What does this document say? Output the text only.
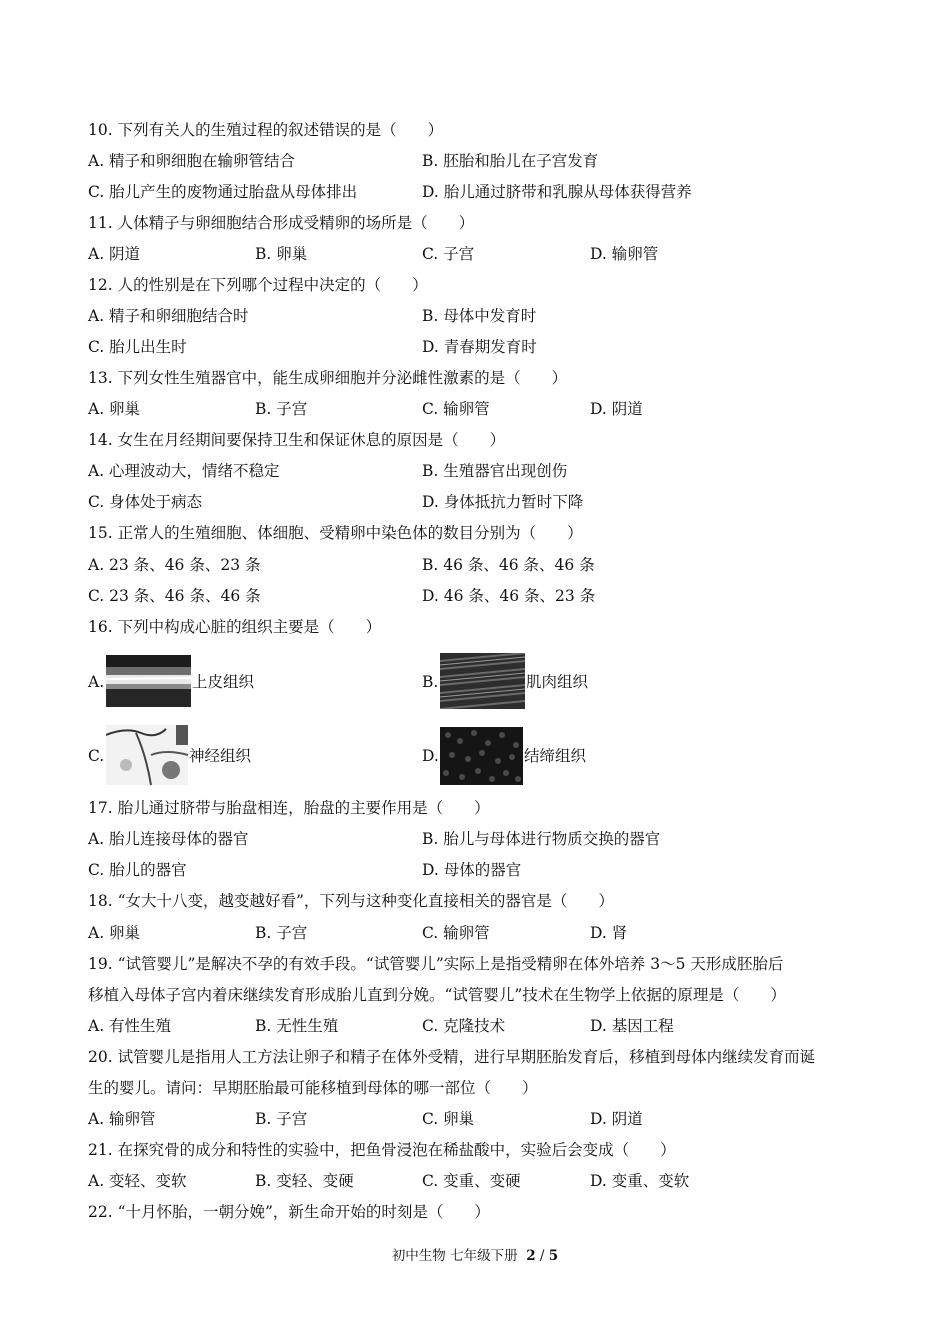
10. 下列有关人的生殖过程的叙述错误的是（　　）
A. 精子和卵细胞在输卵管结合	B. 胚胎和胎儿在子宫发育
C. 胎儿产生的废物通过胎盘从母体排出	D. 胎儿通过脐带和乳腺从母体获得营养
11. 人体精子与卵细胞结合形成受精卵的场所是（　　）
A. 阴道	B. 卵巢	C. 子宫	D. 输卵管
12. 人的性别是在下列哪个过程中决定的（　　）
A. 精子和卵细胞结合时	B. 母体中发育时
C. 胎儿出生时	D. 青春期发育时
13. 下列女性生殖器官中，能生成卵细胞并分泌雌性激素的是（　　）
A. 卵巢	B. 子宫	C. 输卵管	D. 阴道
14. 女生在月经期间要保持卫生和保证休息的原因是（　　）
A. 心理波动大，情绪不稳定	B. 生殖器官出现创伤
C. 身体处于病态	D. 身体抵抗力暂时下降
15. 正常人的生殖细胞、体细胞、受精卵中染色体的数目分别为（　　）
A. 23 条、46 条、23 条	B. 46 条、46 条、46 条
C. 23 条、46 条、46 条	D. 46 条、46 条、23 条
16. 下列中构成心脏的组织主要是（　　）
A.	上皮组织	B.	肌肉组织
C.	神经组织	D.	结缔组织
17. 胎儿通过脐带与胎盘相连，胎盘的主要作用是（　　）
A. 胎儿连接母体的器官	B. 胎儿与母体进行物质交换的器官
C. 胎儿的器官	D. 母体的器官
18. “女大十八变，越变越好看”，下列与这种变化直接相关的器官是（　　）
A. 卵巢	B. 子宫	C. 输卵管	D. 肾
19. “试管婴儿”是解决不孕的有效手段。“试管婴儿”实际上是指受精卵在体外培养 3～5 天形成胚胎后
移植入母体子宫内着床继续发育形成胎儿直到分娩。“试管婴儿”技术在生物学上依据的原理是（　　）
A. 有性生殖	B. 无性生殖	C. 克隆技术	D. 基因工程
20. 试管婴儿是指用人工方法让卵子和精子在体外受精，进行早期胚胎发育后，移植到母体内继续发育而诞
生的婴儿。请问：早期胚胎最可能移植到母体的哪一部位（　　）
A. 输卵管	B. 子宫	C. 卵巢	D. 阴道
21. 在探究骨的成分和特性的实验中，把鱼骨浸泡在稀盐酸中，实验后会变成（　　）
A. 变轻、变软	B. 变轻、变硬	C. 变重、变硬	D. 变重、变软
22. “十月怀胎，一朝分娩”，新生命开始的时刻是（　　）
初中生物 七年级下册 2 / 5
